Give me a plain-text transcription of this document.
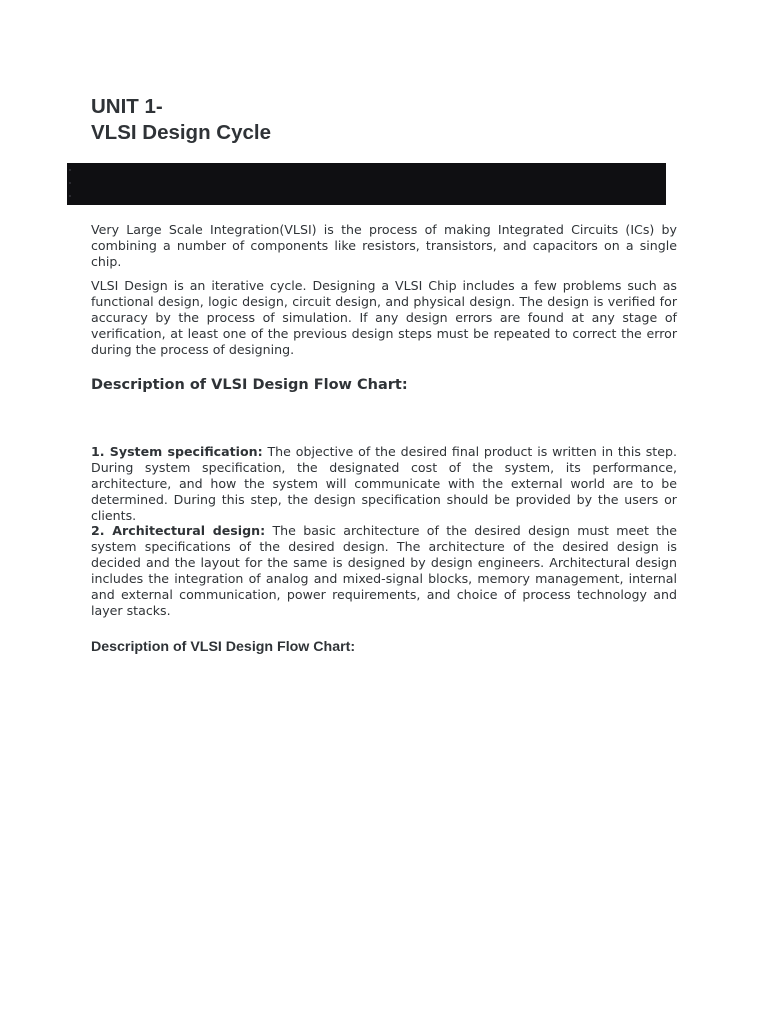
UNIT 1-
VLSI Design Cycle

Very Large Scale Integration(VLSI) is the process of making Integrated Circuits (ICs) by combining a number of components like resistors, transistors, and capacitors on a single chip.

VLSI Design is an iterative cycle. Designing a VLSI Chip includes a few problems such as functional design, logic design, circuit design, and physical design. The design is verified for accuracy by the process of simulation. If any design errors are found at any stage of verification, at least one of the previous design steps must be repeated to correct the error during the process of designing.

Description of VLSI Design Flow Chart:

1. System specification: The objective of the desired final product is written in this step. During system specification, the designated cost of the system, its performance, architecture, and how the system will communicate with the external world are to be determined. During this step, the design specification should be provided by the users or clients.

2. Architectural design: The basic architecture of the desired design must meet the system specifications of the desired design. The architecture of the desired design is decided and the layout for the same is designed by design engineers. Architectural design includes the integration of analog and mixed-signal blocks, memory management, internal and external communication, power requirements, and choice of process technology and layer stacks.

Description of VLSI Design Flow Chart:
